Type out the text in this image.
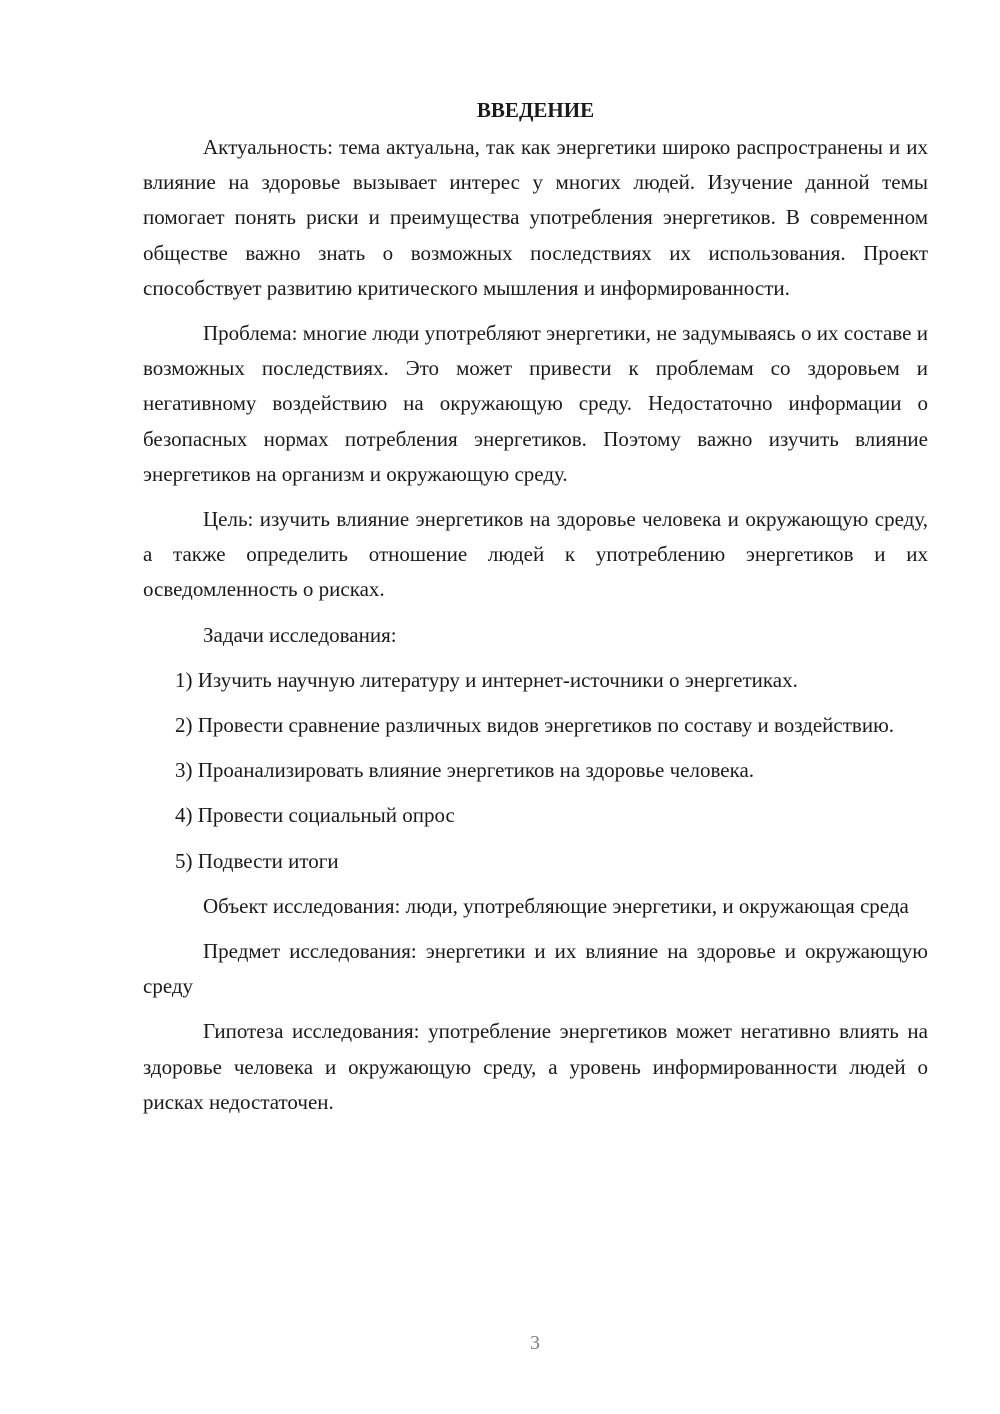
ВВЕДЕНИЕ

Актуальность: тема актуальна, так как энергетики широко распространены и их влияние на здоровье вызывает интерес у многих людей. Изучение данной темы помогает понять риски и преимущества употребления энергетиков. В современном обществе важно знать о возможных последствиях их использования. Проект способствует развитию критического мышления и информированности.

Проблема: многие люди употребляют энергетики, не задумываясь о их составе и возможных последствиях. Это может привести к проблемам со здоровьем и негативному воздействию на окружающую среду. Недостаточно информации о безопасных нормах потребления энергетиков. Поэтому важно изучить влияние энергетиков на организм и окружающую среду.

Цель: изучить влияние энергетиков на здоровье человека и окружающую среду, а также определить отношение людей к употреблению энергетиков и их осведомленность о рисках.

Задачи исследования:

1) Изучить научную литературу и интернет-источники о энергетиках.

2) Провести сравнение различных видов энергетиков по составу и воздействию.

3) Проанализировать влияние энергетиков на здоровье человека.

4) Провести социальный опрос

5) Подвести итоги

Объект исследования: люди, употребляющие энергетики, и окружающая среда

Предмет исследования: энергетики и их влияние на здоровье и окружающую среду

Гипотеза исследования: употребление энергетиков может негативно влиять на здоровье человека и окружающую среду, а уровень информированности людей о рисках недостаточен.

3
